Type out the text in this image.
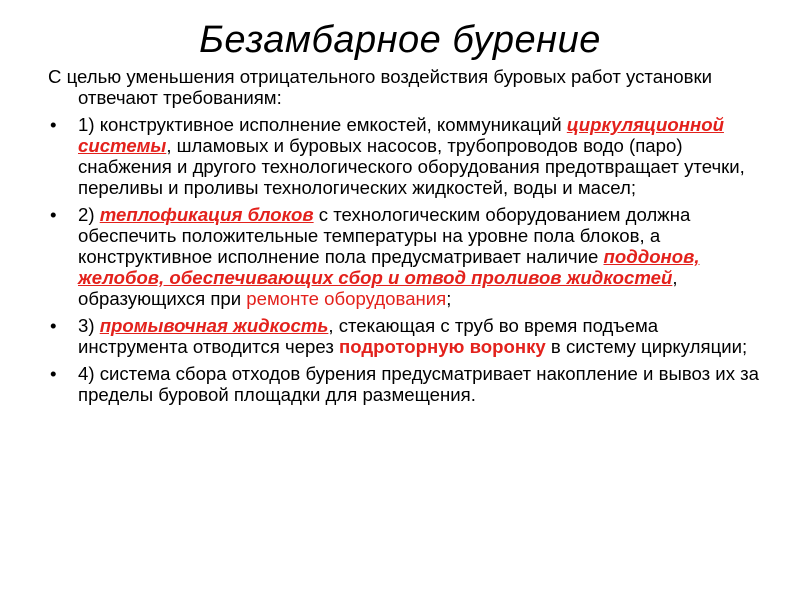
Безамбарное бурение
С целью уменьшения отрицательного воздействия буровых работ установки отвечают требованиям:
•	1) конструктивное исполнение емкостей, коммуникаций циркуляционной системы, шламовых и буровых насосов, трубопроводов водо (паро) снабжения и другого технологического оборудования предотвращает утечки, переливы и проливы технологических жидкостей, воды и масел;
•	2) теплофикация блоков с технологическим оборудованием должна обеспечить положительные температуры на уровне пола блоков, а конструктивное исполнение пола предусматривает наличие поддонов, желобов, обеспечивающих сбор и отвод проливов жидкостей, образующихся при ремонте оборудования;
•	3) промывочная жидкость, стекающая с труб во время подъема инструмента отводится через подроторную воронку в систему циркуляции;
•	4) система сбора отходов бурения предусматривает накопление и вывоз их за пределы буровой площадки для размещения.
